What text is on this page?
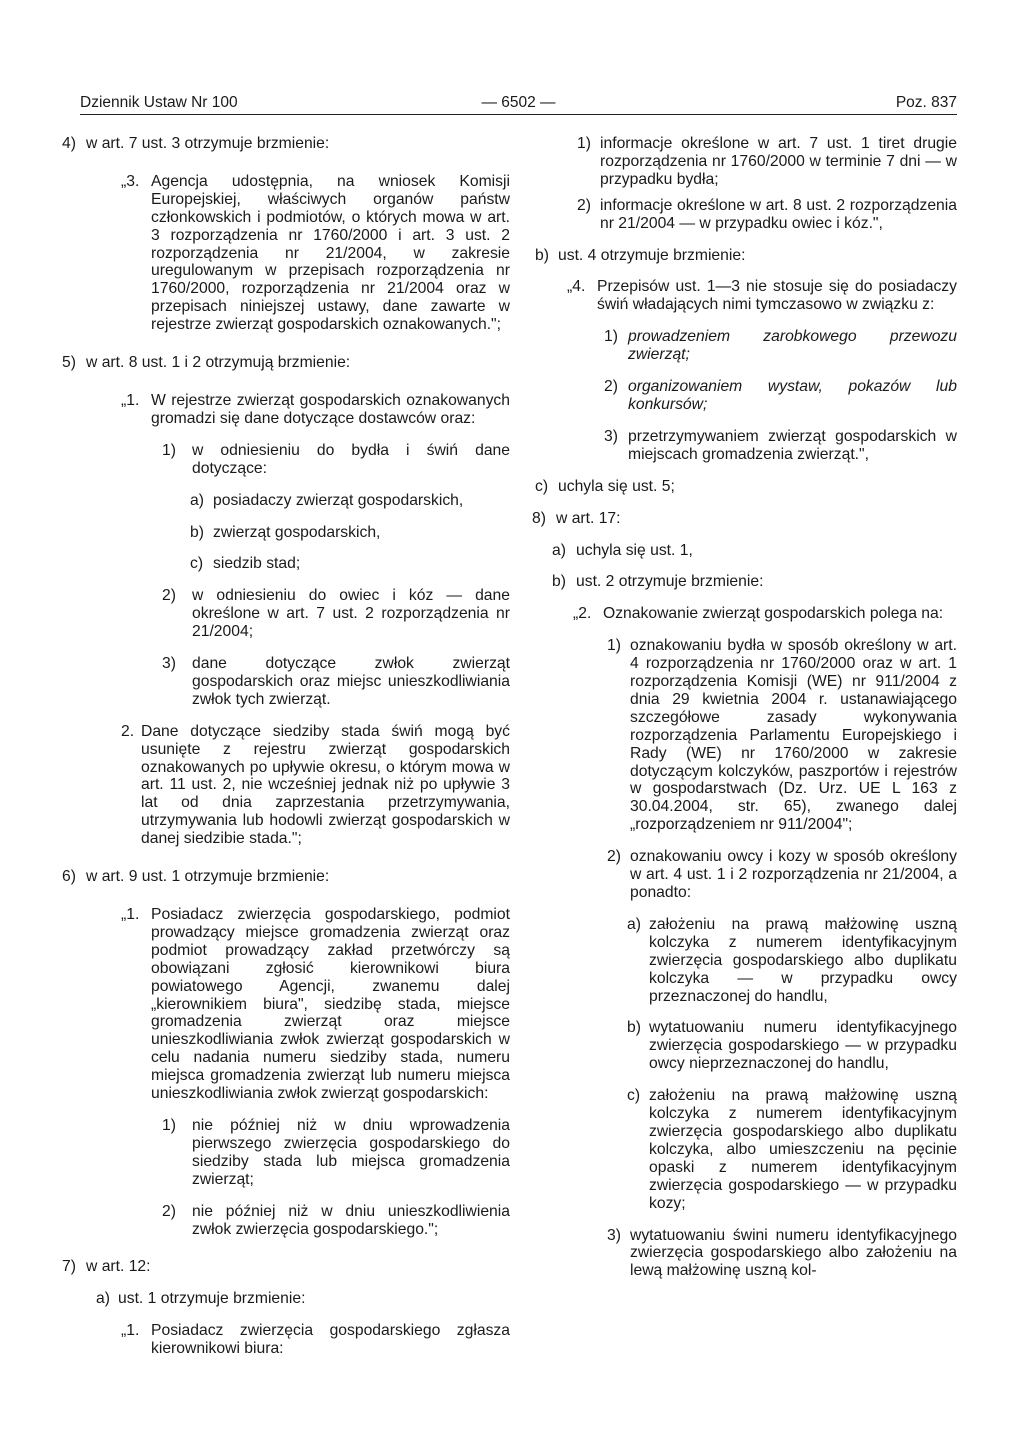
Dziennik Ustaw Nr 100	— 6502 —	Poz. 837
4) w art. 7 ust. 3 otrzymuje brzmienie:
„3. Agencja udostępnia, na wniosek Komisji Europejskiej, właściwych organów państw członkowskich i podmiotów, o których mowa w art. 3 rozporządzenia nr 1760/2000 i art. 3 ust. 2 rozporządzenia nr 21/2004, w zakresie uregulowanym w przepisach rozporządzenia nr 1760/2000, rozporządzenia nr 21/2004 oraz w przepisach niniejszej ustawy, dane zawarte w rejestrze zwierząt gospodarskich oznakowanych.";
5) w art. 8 ust. 1 i 2 otrzymują brzmienie:
„1. W rejestrze zwierząt gospodarskich oznakowanych gromadzi się dane dotyczące dostawców oraz:
1) w odniesieniu do bydła i świń dane dotyczące:
a) posiadaczy zwierząt gospodarskich,
b) zwierząt gospodarskich,
c) siedzib stad;
2) w odniesieniu do owiec i kóz — dane określone w art. 7 ust. 2 rozporządzenia nr 21/2004;
3) dane dotyczące zwłok zwierząt gospodarskich oraz miejsc unieszkodliwiania zwłok tych zwierząt.
2. Dane dotyczące siedziby stada świń mogą być usunięte z rejestru zwierząt gospodarskich oznakowanych po upływie okresu, o którym mowa w art. 11 ust. 2, nie wcześniej jednak niż po upływie 3 lat od dnia zaprzestania przetrzymywania, utrzymywania lub hodowli zwierząt gospodarskich w danej siedzibie stada.";
6) w art. 9 ust. 1 otrzymuje brzmienie:
„1. Posiadacz zwierzęcia gospodarskiego, podmiot prowadzący miejsce gromadzenia zwierząt oraz podmiot prowadzący zakład przetwórczy są obowiązani zgłosić kierownikowi biura powiatowego Agencji, zwanemu dalej „kierownikiem biura", siedzibę stada, miejsce gromadzenia zwierząt oraz miejsce unieszkodliwiania zwłok zwierząt gospodarskich w celu nadania numeru siedziby stada, numeru miejsca gromadzenia zwierząt lub numeru miejsca unieszkodliwiania zwłok zwierząt gospodarskich:
1) nie później niż w dniu wprowadzenia pierwszego zwierzęcia gospodarskiego do siedziby stada lub miejsca gromadzenia zwierząt;
2) nie później niż w dniu unieszkodliwienia zwłok zwierzęcia gospodarskiego.";
7) w art. 12:
a) ust. 1 otrzymuje brzmienie:
„1. Posiadacz zwierzęcia gospodarskiego zgłasza kierownikowi biura:
1) informacje określone w art. 7 ust. 1 tiret drugie rozporządzenia nr 1760/2000 w terminie 7 dni — w przypadku bydła;
2) informacje określone w art. 8 ust. 2 rozporządzenia nr 21/2004 — w przypadku owiec i kóz.",
b) ust. 4 otrzymuje brzmienie:
„4. Przepisów ust. 1—3 nie stosuje się do posiadaczy świń władających nimi tymczasowo w związku z:
1) prowadzeniem zarobkowego przewozu zwierząt;
2) organizowaniem wystaw, pokazów lub konkursów;
3) przetrzymywaniem zwierząt gospodarskich w miejscach gromadzenia zwierząt.",
c) uchyla się ust. 5;
8) w art. 17:
a) uchyla się ust. 1,
b) ust. 2 otrzymuje brzmienie:
„2. Oznakowanie zwierząt gospodarskich polega na:
1) oznakowaniu bydła w sposób określony w art. 4 rozporządzenia nr 1760/2000 oraz w art. 1 rozporządzenia Komisji (WE) nr 911/2004 z dnia 29 kwietnia 2004 r. ustanawiającego szczegółowe zasady wykonywania rozporządzenia Parlamentu Europejskiego i Rady (WE) nr 1760/2000 w zakresie dotyczącym kolczyków, paszportów i rejestrów w gospodarstwach (Dz. Urz. UE L 163 z 30.04.2004, str. 65), zwanego dalej „rozporządzeniem nr 911/2004";
2) oznakowaniu owcy i kozy w sposób określony w art. 4 ust. 1 i 2 rozporządzenia nr 21/2004, a ponadto:
a) założeniu na prawą małżowinę uszną kolczyka z numerem identyfikacyjnym zwierzęcia gospodarskiego albo duplikatu kolczyka — w przypadku owcy przeznaczonej do handlu,
b) wytatuowaniu numeru identyfikacyjnego zwierzęcia gospodarskiego — w przypadku owcy nieprzeznaczonej do handlu,
c) założeniu na prawą małżowinę uszną kolczyka z numerem identyfikacyjnym zwierzęcia gospodarskiego albo duplikatu kolczyka, albo umieszczeniu na pęcinie opaski z numerem identyfikacyjnym zwierzęcia gospodarskiego — w przypadku kozy;
3) wytatuowaniu świni numeru identyfikacyjnego zwierzęcia gospodarskiego albo założeniu na lewą małżowinę uszną kol-
